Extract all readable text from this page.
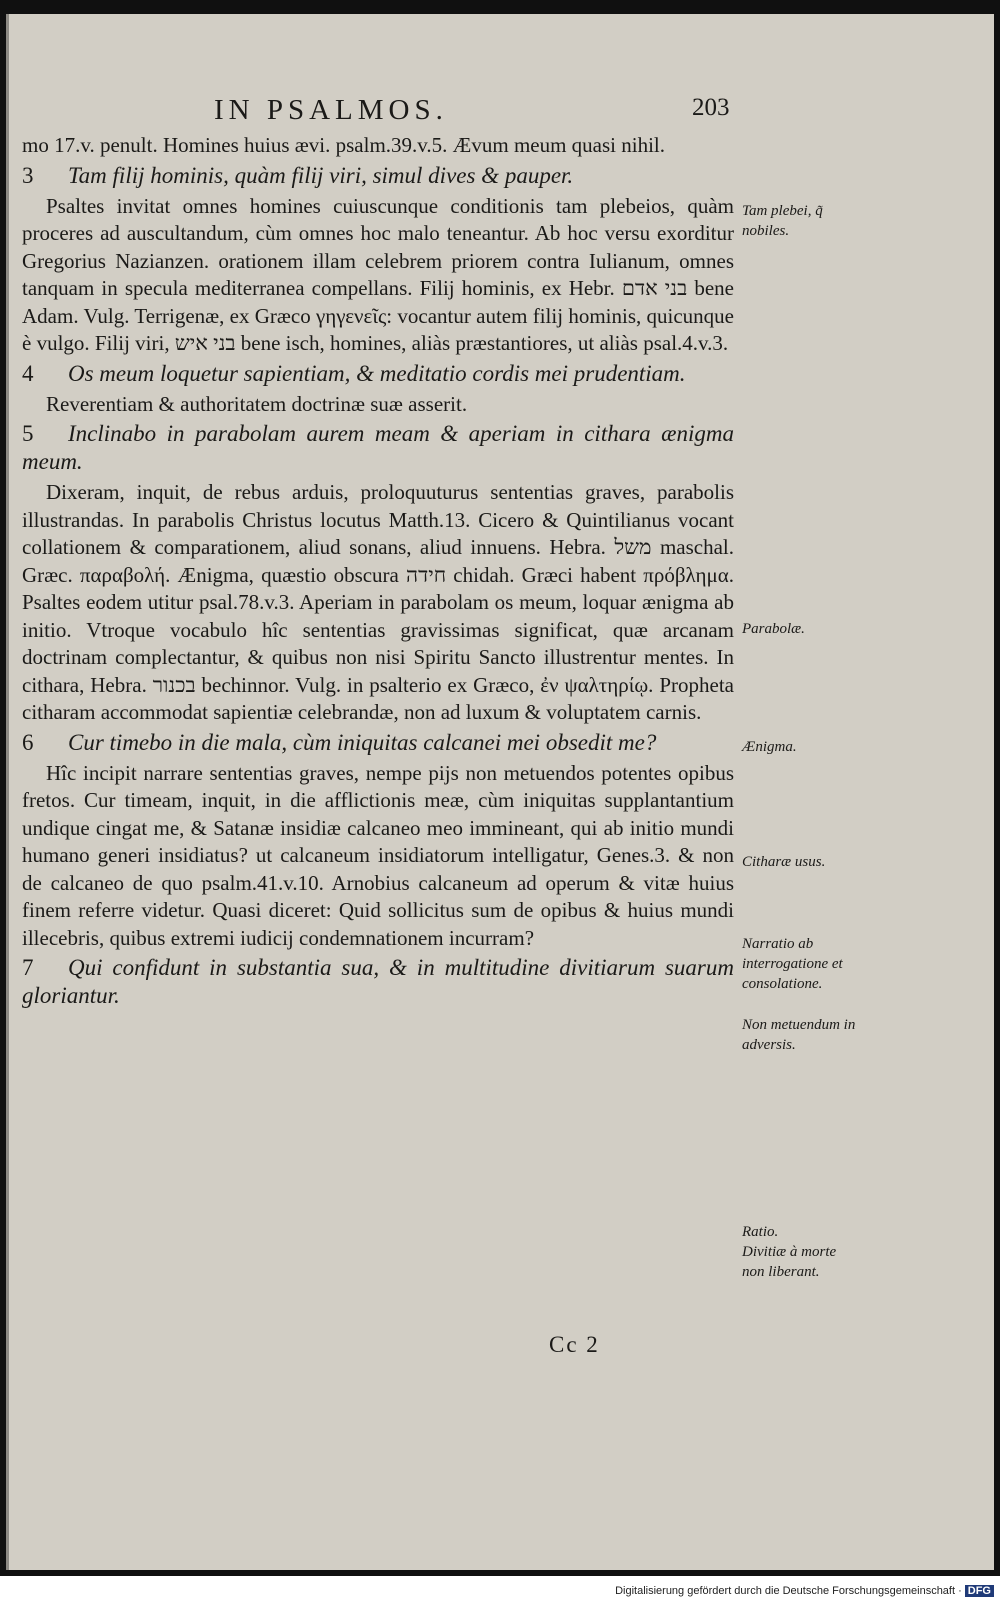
IN PSALMOS.	203

mo 17.v. penult. Homines huius ævi. psalm.39.v.5. Ævum meum quasi nihil.

3 Tam filij hominis, quàm filij viri, simul dives & pauper.

Psaltes invitat omnes homines cuiuscunque conditionis tam plebeios, quàm proceres ad auscultandum, cùm omnes hoc malo teneantur. Ab hoc versu exorditur Gregorius Nazianzen. orationem illam celebrem priorem contra Iulianum, omnes tanquam in specula mediterranea compellans. Filij hominis, ex Hebr. בני אדם bene Adam. Vulg. Terrigenæ, ex Græco γηγενεῖς: vocantur autem filij hominis, quicunque è vulgo. Filij viri, בני איש bene isch, homines, aliàs præstantiores, ut aliàs psal.4.v.3.

4 Os meum loquetur sapientiam, & meditatio cordis mei prudentiam.

Reverentiam & authoritatem doctrinæ suæ asserit.

5 Inclinabo in parabolam aurem meam & aperiam in cithara ænigma meum.

Dixeram, inquit, de rebus arduis, proloquuturus sententias graves, parabolis illustrandas. In parabolis Christus locutus Matth.13. Cicero & Quintilianus vocant collationem & comparationem, aliud sonans, aliud innuens. Hebra. משל maschal. Græc. παραβολή. Ænigma, quæstio obscura חידה chidah. Græci habent πρόβλημα. Psaltes eodem utitur psal.78.v.3. Aperiam in parabolam os meum, loquar ænigma ab initio. Vtroque vocabulo hîc sententias gravissimas significat, quæ arcanam doctrinam complectantur, & quibus non nisi Spiritu Sancto illustrentur mentes. In cithara, Hebra. בכנור bechinnor. Vulg. in psalterio ex Græco, ἐν ψαλτηρίῳ. Propheta citharam accommodat sapientiæ celebrandæ, non ad luxum & voluptatem carnis.

6 Cur timebo in die mala, cùm iniquitas calcanei mei obsedit me?

Hîc incipit narrare sententias graves, nempe pijs non metuendos potentes opibus fretos. Cur timeam, inquit, in die afflictionis meæ, cùm iniquitas supplantantium undique cingat me, & Satanæ insidiæ calcaneo meo immineant, qui ab initio mundi humano generi insidiatus? ut calcaneum insidiatorum intelligatur, Genes.3. & non de calcaneo de quo psalm.41.v.10. Arnobius calcaneum ad operum & vitæ huius finem referre videtur. Quasi diceret: Quid sollicitus sum de opibus & huius mundi illecebris, quibus extremi iudicij condemnationem incurram?

7 Qui confidunt in substantia sua, & in multitudine divitiarum suarum gloriantur.

Tam plebei, q̃ nobiles.
Parabolæ.
Ænigma.
Citharæ usus.
Narratio ab interrogatione et consolatione.
Non metuendum in adversis.
Ratio.
Divitiæ à morte non liberant.
Cc 2
Digitalisierung gefördert durch die Deutsche Forschungsgemeinschaft · DFG
